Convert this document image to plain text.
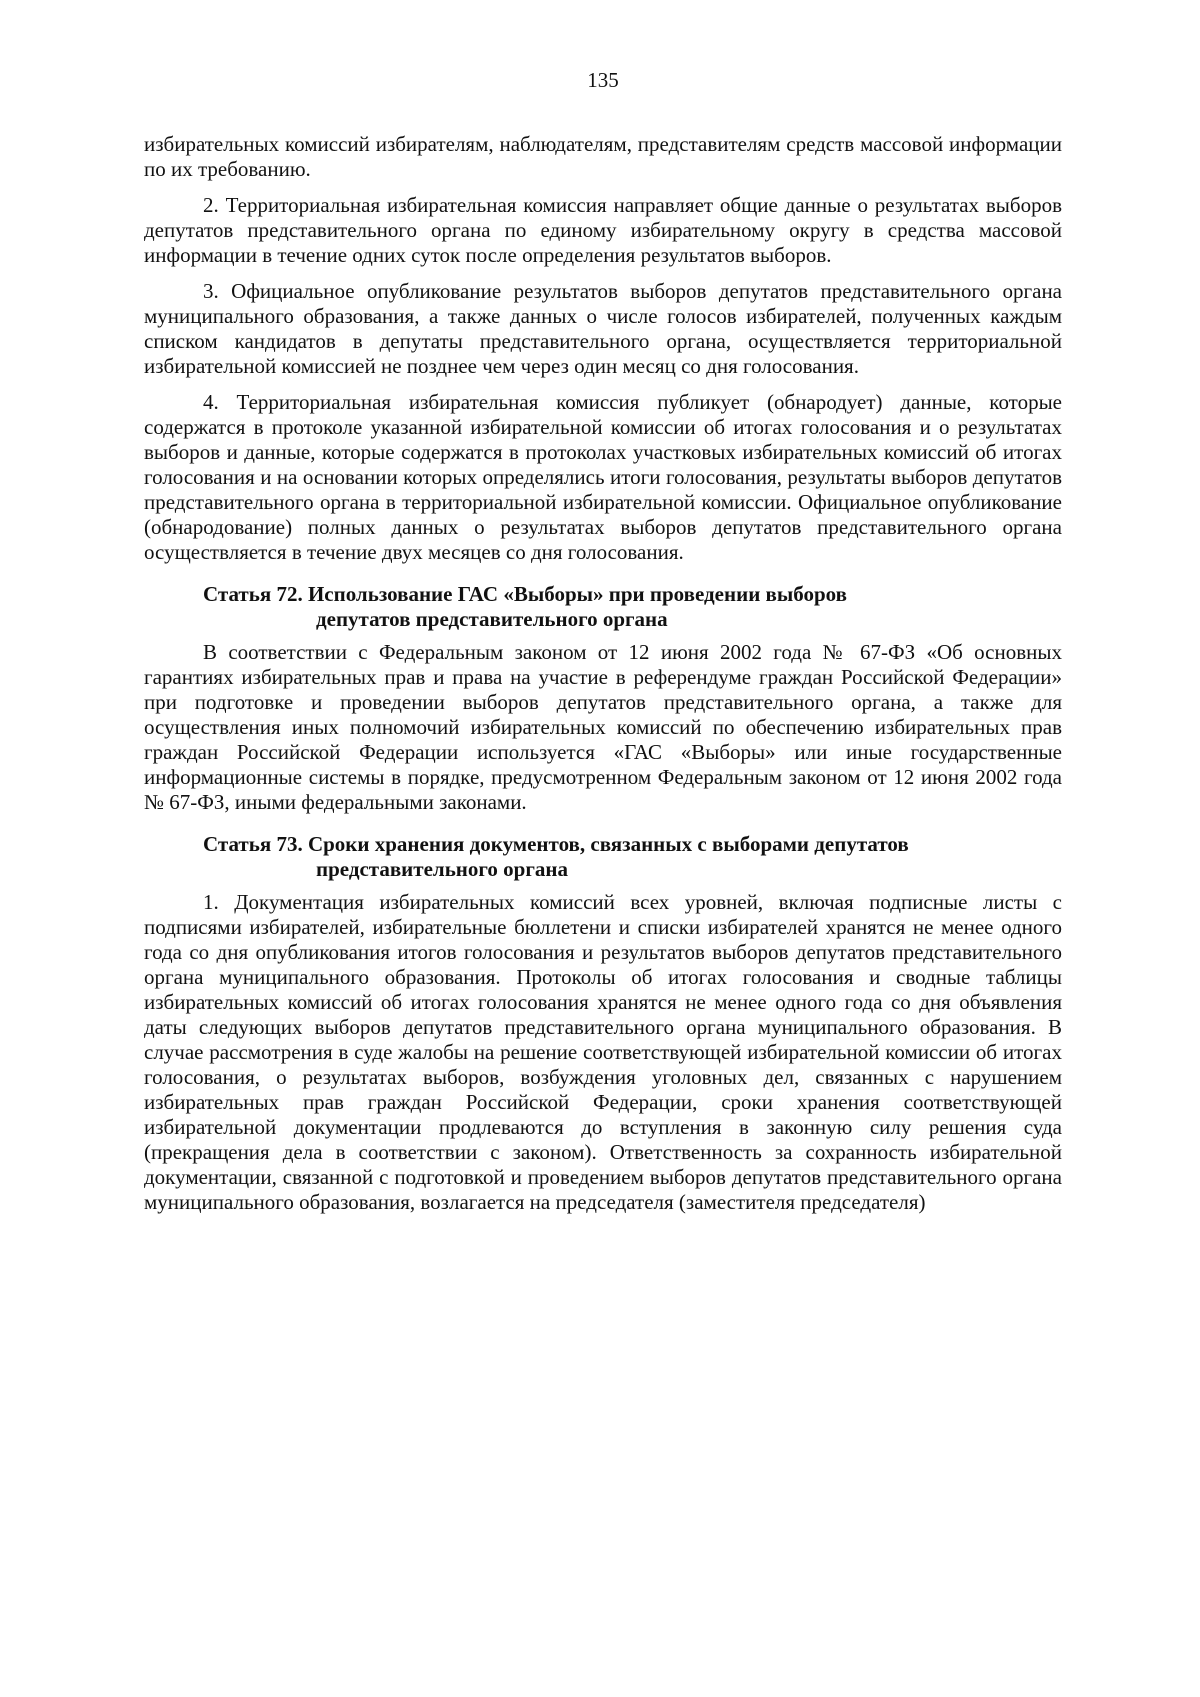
135

избирательных комиссий избирателям, наблюдателям, представителям средств массовой информации по их требованию.

2. Территориальная избирательная комиссия направляет общие данные о результатах выборов депутатов представительного органа по единому избирательному округу в средства массовой информации в течение одних суток после определения результатов выборов.

3. Официальное опубликование результатов выборов депутатов представительного органа муниципального образования, а также данных о числе голосов избирателей, полученных каждым списком кандидатов в депутаты представительного органа, осуществляется территориальной избирательной комиссией не позднее чем через один месяц со дня голосования.

4. Территориальная избирательная комиссия публикует (обнародует) данные, которые содержатся в протоколе указанной избирательной комиссии об итогах голосования и о результатах выборов и данные, которые содержатся в протоколах участковых избирательных комиссий об итогах голосования и на основании которых определялись итоги голосования, результаты выборов депутатов представительного органа в территориальной избирательной комиссии. Официальное опубликование (обнародование) полных данных о результатах выборов депутатов представительного органа осуществляется в течение двух месяцев со дня голосования.

Статья 72. Использование ГАС «Выборы» при проведении выборов
депутатов представительного органа

В соответствии с Федеральным законом от 12 июня 2002 года № 67-ФЗ «Об основных гарантиях избирательных прав и права на участие в референдуме граждан Российской Федерации» при подготовке и проведении выборов депутатов представительного органа, а также для осуществления иных полномочий избирательных комиссий по обеспечению избирательных прав граждан Российской Федерации используется «ГАС «Выборы» или иные государственные информационные системы в порядке, предусмотренном Федеральным законом от 12 июня 2002 года № 67-ФЗ, иными федеральными законами.

Статья 73. Сроки хранения документов, связанных с выборами депутатов
представительного органа

1. Документация избирательных комиссий всех уровней, включая подписные листы с подписями избирателей, избирательные бюллетени и списки избирателей хранятся не менее одного года со дня опубликования итогов голосования и результатов выборов депутатов представительного органа муниципального образования. Протоколы об итогах голосования и сводные таблицы избирательных комиссий об итогах голосования хранятся не менее одного года со дня объявления даты следующих выборов депутатов представительного органа муниципального образования. В случае рассмотрения в суде жалобы на решение соответствующей избирательной комиссии об итогах голосования, о результатах выборов, возбуждения уголовных дел, связанных с нарушением избирательных прав граждан Российской Федерации, сроки хранения соответствующей избирательной документации продлеваются до вступления в законную силу решения суда (прекращения дела в соответствии с законом). Ответственность за сохранность избирательной документации, связанной с подготовкой и проведением выборов депутатов представительного органа муниципального образования, возлагается на председателя (заместителя председателя)
